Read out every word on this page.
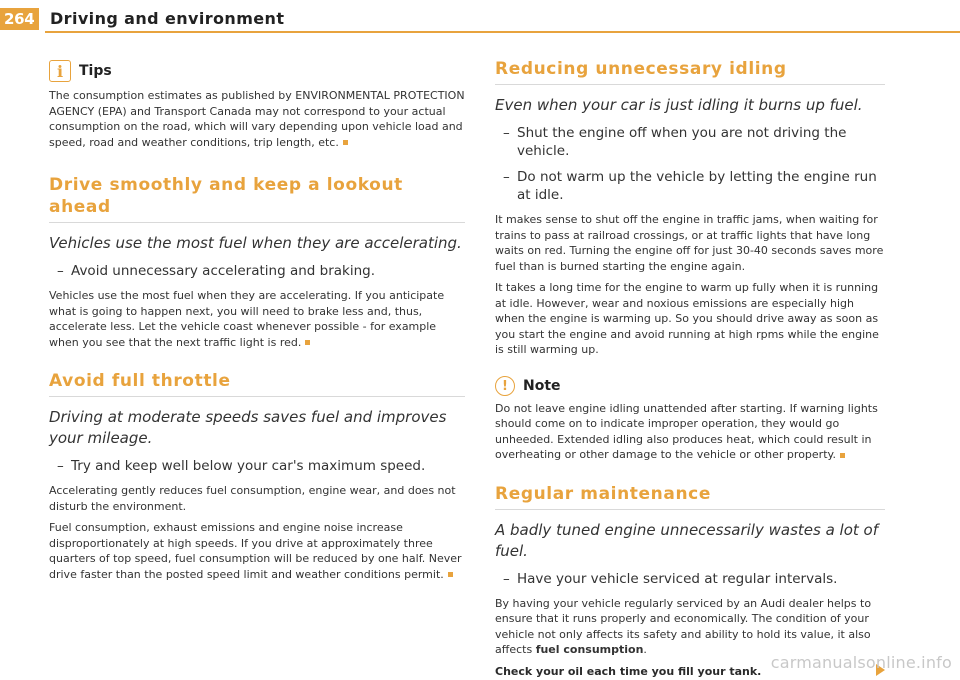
264 Driving and environment
i	Tips

The consumption estimates as published by ENVIRONMENTAL PROTECTION AGENCY (EPA) and Transport Canada may not correspond to your actual consumption on the road, which will vary depending upon vehicle load and speed, road and weather conditions, trip length, etc.

Drive smoothly and keep a lookout ahead

Vehicles use the most fuel when they are accelerating.

– Avoid unnecessary accelerating and braking.

Vehicles use the most fuel when they are accelerating. If you anticipate what is going to happen next, you will need to brake less and, thus, accelerate less. Let the vehicle coast whenever possible - for example when you see that the next traffic light is red.

Avoid full throttle

Driving at moderate speeds saves fuel and improves your mileage.

– Try and keep well below your car's maximum speed.

Accelerating gently reduces fuel consumption, engine wear, and does not disturb the environment.

Fuel consumption, exhaust emissions and engine noise increase disproportionately at high speeds. If you drive at approximately three quarters of top speed, fuel consumption will be reduced by one half. Never drive faster than the posted speed limit and weather conditions permit.

Reducing unnecessary idling

Even when your car is just idling it burns up fuel.

– Shut the engine off when you are not driving the vehicle.

– Do not warm up the vehicle by letting the engine run at idle.

It makes sense to shut off the engine in traffic jams, when waiting for trains to pass at railroad crossings, or at traffic lights that have long waits on red. Turning the engine off for just 30-40 seconds saves more fuel than is burned starting the engine again.

It takes a long time for the engine to warm up fully when it is running at idle. However, wear and noxious emissions are especially high when the engine is warming up. So you should drive away as soon as you start the engine and avoid running at high rpms while the engine is still warming up.

!	Note

Do not leave engine idling unattended after starting. If warning lights should come on to indicate improper operation, they would go unheeded. Extended idling also produces heat, which could result in overheating or other damage to the vehicle or other property.

Regular maintenance

A badly tuned engine unnecessarily wastes a lot of fuel.

– Have your vehicle serviced at regular intervals.

By having your vehicle regularly serviced by an Audi dealer helps to ensure that it runs properly and economically. The condition of your vehicle not only affects its safety and ability to hold its value, it also affects fuel consumption.

Check your oil each time you fill your tank. carmanualsonline.info
